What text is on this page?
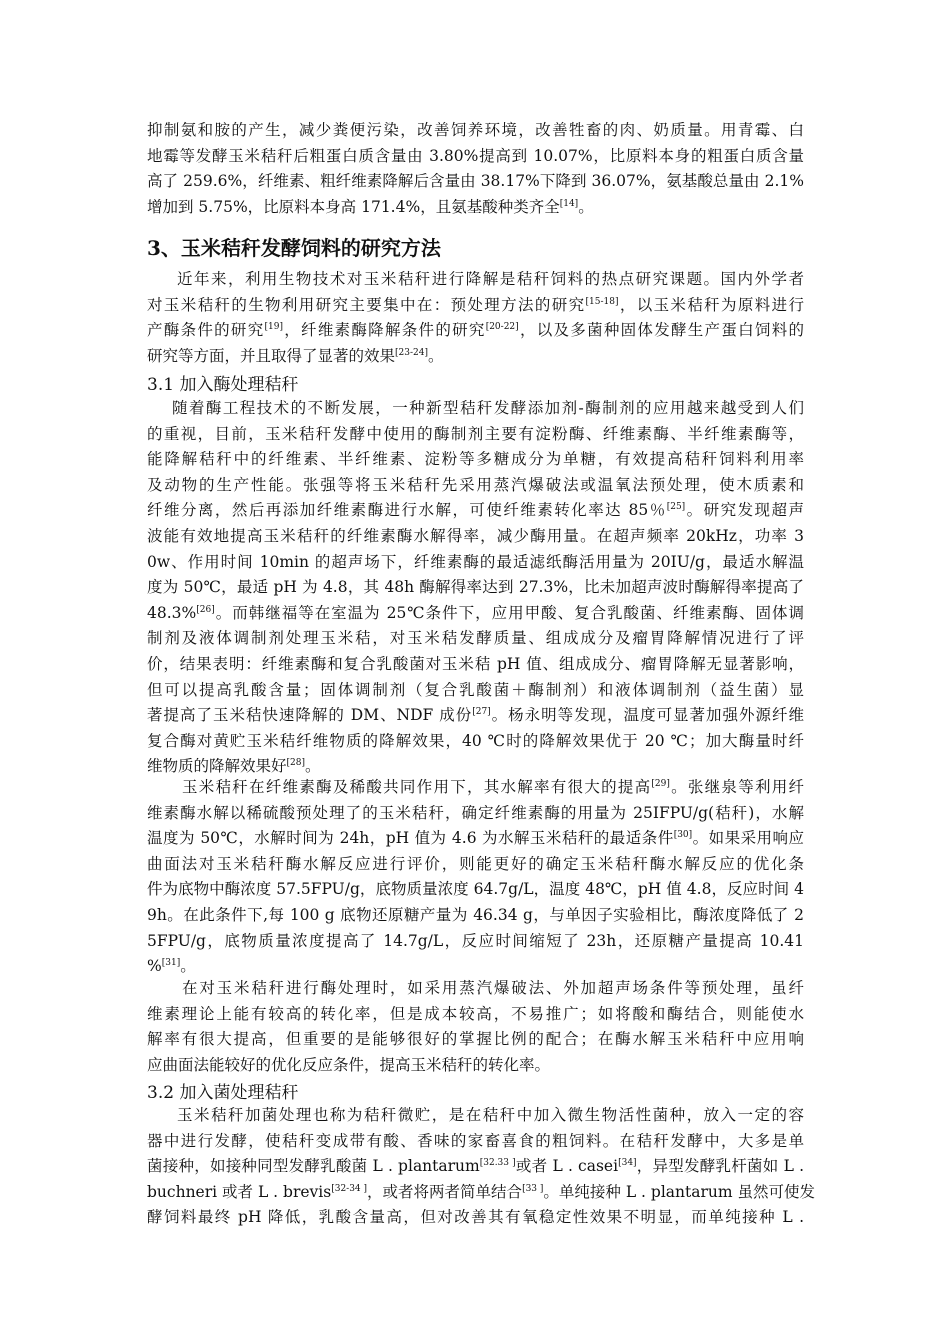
抑制氨和胺的产生，减少粪便污染，改善饲养环境，改善牲畜的肉、奶质量。用青霉、白
地霉等发酵玉米秸秆后粗蛋白质含量由 3.80%提高到 10.07%，比原料本身的粗蛋白质含量
高了 259.6%，纤维素、粗纤维素降解后含量由 38.17%下降到 36.07%，氨基酸总量由 2.1%
增加到 5.75%，比原料本身高 171.4%，且氨基酸种类齐全[14]。
3、玉米秸秆发酵饲料的研究方法
近年来，利用生物技术对玉米秸秆进行降解是秸秆饲料的热点研究课题。国内外学者
对玉米秸秆的生物利用研究主要集中在：预处理方法的研究[15-18]，以玉米秸秆为原料进行
产酶条件的研究[19]，纤维素酶降解条件的研究[20-22]，以及多菌种固体发酵生产蛋白饲料的
研究等方面，并且取得了显著的效果[23-24]。
3.1 加入酶处理秸秆
随着酶工程技术的不断发展，一种新型秸秆发酵添加剂-酶制剂的应用越来越受到人们
的重视，目前，玉米秸秆发酵中使用的酶制剂主要有淀粉酶、纤维素酶、半纤维素酶等，
能降解秸秆中的纤维素、半纤维素、淀粉等多糖成分为单糖，有效提高秸秆饲料利用率
及动物的生产性能。张强等将玉米秸秆先采用蒸汽爆破法或温氧法预处理，使木质素和
纤维分离，然后再添加纤维素酶进行水解，可使纤维素转化率达 85％[25]。研究发现超声
波能有效地提高玉米秸秆的纤维素酶水解得率，减少酶用量。在超声频率 20kHz，功率 3
0w、作用时间 10min 的超声场下，纤维素酶的最适滤纸酶活用量为 20IU/g，最适水解温
度为 50℃，最适 pH 为 4.8，其 48h 酶解得率达到 27.3%，比未加超声波时酶解得率提高了
48.3%[26]。而韩继福等在室温为 25℃条件下，应用甲酸、复合乳酸菌、纤维素酶、固体调
制剂及液体调制剂处理玉米秸，对玉米秸发酵质量、组成成分及瘤胃降解情况进行了评
价，结果表明：纤维素酶和复合乳酸菌对玉米秸 pH 值、组成成分、瘤胃降解无显著影响，
但可以提高乳酸含量；固体调制剂（复合乳酸菌＋酶制剂）和液体调制剂（益生菌）显
著提高了玉米秸快速降解的 DM、NDF 成份[27]。杨永明等发现，温度可显著加强外源纤维
复合酶对黄贮玉米秸纤维物质的降解效果，40 ℃时的降解效果优于 20 ℃；加大酶量时纤
维物质的降解效果好[28]。
玉米秸秆在纤维素酶及稀酸共同作用下，其水解率有很大的提高[29]。张继泉等利用纤
维素酶水解以稀硫酸预处理了的玉米秸秆，确定纤维素酶的用量为 25IFPU/g(秸秆)，水解
温度为 50℃，水解时间为 24h，pH 值为 4.6 为水解玉米秸秆的最适条件[30]。如果采用响应
曲面法对玉米秸秆酶水解反应进行评价，则能更好的确定玉米秸秆酶水解反应的优化条
件为底物中酶浓度 57.5FPU/g，底物质量浓度 64.7g/L，温度 48℃，pH 值 4.8，反应时间 4
9h。在此条件下,每 100 g 底物还原糖产量为 46.34 g，与单因子实验相比，酶浓度降低了 2
5FPU/g，底物质量浓度提高了 14.7g/L，反应时间缩短了 23h，还原糖产量提高 10.41
%[31]。
在对玉米秸秆进行酶处理时，如采用蒸汽爆破法、外加超声场条件等预处理，虽纤
维素理论上能有较高的转化率，但是成本较高，不易推广；如将酸和酶结合，则能使水
解率有很大提高，但重要的是能够很好的掌握比例的配合；在酶水解玉米秸秆中应用响
应曲面法能较好的优化反应条件，提高玉米秸秆的转化率。
3.2 加入菌处理秸秆
玉米秸秆加菌处理也称为秸秆微贮，是在秸秆中加入微生物活性菌种，放入一定的容
器中进行发酵，使秸秆变成带有酸、香味的家畜喜食的粗饲料。在秸秆发酵中，大多是单
菌接种，如接种同型发酵乳酸菌 L . plantarum[32.33 ]或者 L . casei[34]，异型发酵乳杆菌如 L .
buchneri 或者 L . brevis[32-34 ]，或者将两者简单结合[33 ]。单纯接种 L . plantarum 虽然可使发
酵饲料最终 pH 降低，乳酸含量高，但对改善其有氧稳定性效果不明显，而单纯接种 L .
